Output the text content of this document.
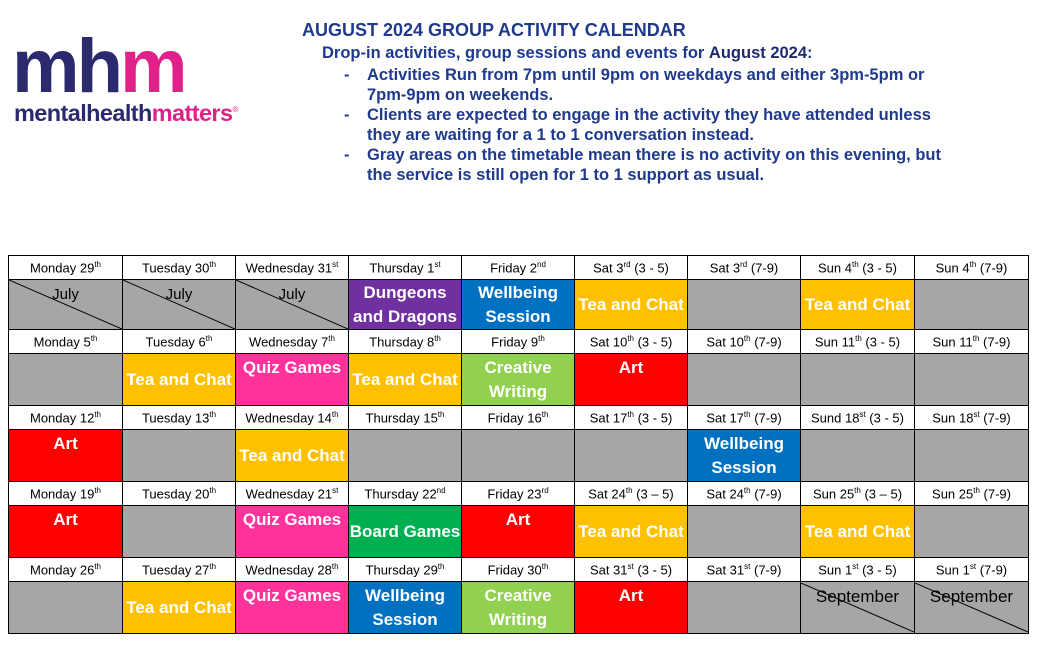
mhm
mentalhealthmatters®
AUGUST 2024 GROUP ACTIVITY CALENDAR
Drop-in activities, group sessions and events for August 2024:
- Activities Run from 7pm until 9pm on weekdays and either 3pm-5pm or 7pm-9pm on weekends.
- Clients are expected to engage in the activity they have attended unless they are waiting for a 1 to 1 conversation instead.
- Gray areas on the timetable mean there is no activity on this evening, but the service is still open for 1 to 1 support as usual.
Monday 29th	Tuesday 30th	Wednesday 31st	Thursday 1st	Friday 2nd	Sat 3rd (3 - 5)	Sat 3rd (7-9)	Sun 4th (3 - 5)	Sun 4th (7-9)

July	July	July	Dungeons and Dragons	Wellbeing Session	Tea and Chat		Tea and Chat	
Monday 5th	Tuesday 6th	Wednesday 7th	Thursday 8th	Friday 9th	Sat 10th (3 - 5)	Sat 10th (7-9)	Sun 11th (3 - 5)	Sun 11th (7-9)
	Tea and Chat	Quiz Games	Tea and Chat	Creative Writing	Art			
Monday 12th	Tuesday 13th	Wednesday 14th	Thursday 15th	Friday 16th	Sat 17th (3 - 5)	Sat 17th (7-9)	Sund 18st (3 - 5)	Sun 18st (7-9)
Art		Tea and Chat				Wellbeing Session		
Monday 19th	Tuesday 20th	Wednesday 21st	Thursday 22nd	Friday 23rd	Sat 24th (3 – 5)	Sat 24th (7-9)	Sun 25th (3 – 5)	Sun 25th (7-9)
Art		Quiz Games	Board Games	Art	Tea and Chat		Tea and Chat	
Monday 26th	Tuesday 27th	Wednesday 28th	Thursday 29th	Friday 30th	Sat 31st (3 - 5)	Sat 31st (7-9)	Sun 1st (3 - 5)	Sun 1st (7-9)
	Tea and Chat	Quiz Games	Wellbeing Session	Creative Writing	Art		September	September
